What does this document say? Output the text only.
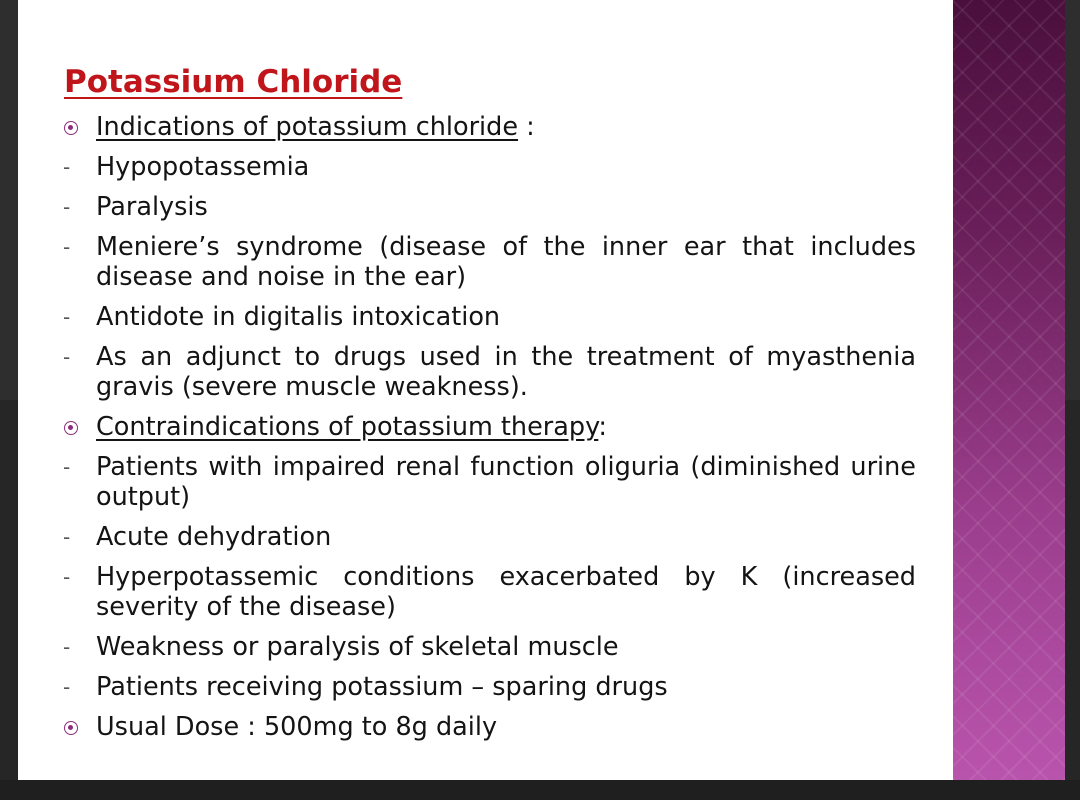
Potassium Chloride
Indications of potassium chloride :
- Hypopotassemia
- Paralysis
- Meniere’s syndrome (disease of the inner ear that includes disease and noise in the ear)
- Antidote in digitalis intoxication
- As an adjunct to drugs used in the treatment of myasthenia gravis (severe muscle weakness).
Contraindications of potassium therapy:
- Patients with impaired renal function oliguria (diminished urine output)
- Acute dehydration
- Hyperpotassemic conditions exacerbated by K (increased severity of the disease)
- Weakness or paralysis of skeletal muscle
- Patients receiving potassium – sparing drugs
Usual Dose : 500mg to 8g daily
